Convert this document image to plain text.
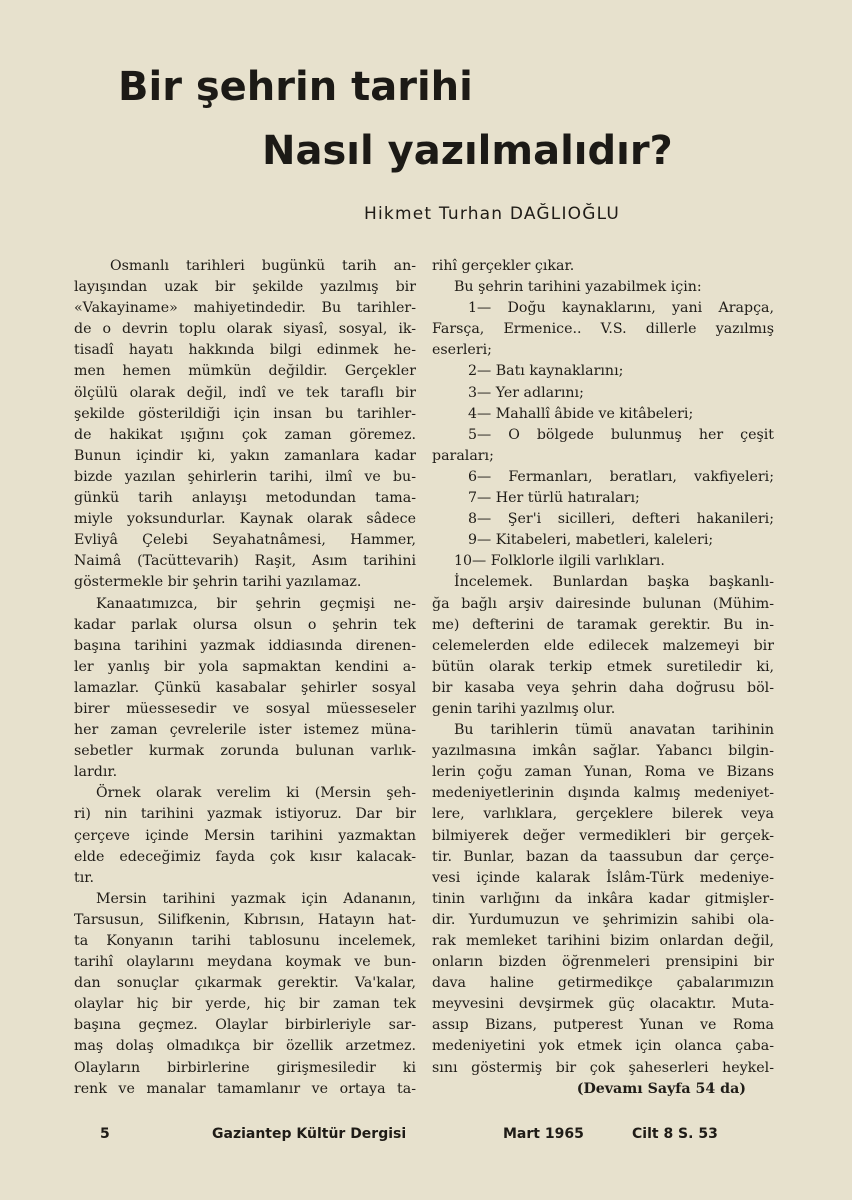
Bir şehrin tarihi
Nasıl yazılmalıdır?
Hikmet Turhan DAĞLIOĞLU

Osmanlı tarihleri bugünkü tarih an-

layışından uzak bir şekilde yazılmış bir

«Vakayiname» mahiyetindedir. Bu tarihler-

de o devrin toplu olarak siyasî, sosyal, ik-

tisadî hayatı hakkında bilgi edinmek he-

men hemen mümkün değildir. Gerçekler

ölçülü olarak değil, indî ve tek taraflı bir

şekilde gösterildiği için insan bu tarihler-

de hakikat ışığını çok zaman göremez.

Bunun içindir ki, yakın zamanlara kadar

bizde yazılan şehirlerin tarihi, ilmî ve bu-

günkü tarih anlayışı metodundan tama-

miyle yoksundurlar. Kaynak olarak sâdece

Evliyâ Çelebi Seyahatnâmesi, Hammer,

Naimâ (Tacüttevarih) Raşit, Asım tarihini

göstermekle bir şehrin tarihi yazılamaz.

Kanaatımızca, bir şehrin geçmişi ne-

kadar parlak olursa olsun o şehrin tek

başına tarihini yazmak iddiasında direnen-

ler yanlış bir yola sapmaktan kendini a-

lamazlar. Çünkü kasabalar şehirler sosyal

birer müessesedir ve sosyal müesseseler

her zaman çevrelerile ister istemez müna-

sebetler kurmak zorunda bulunan varlık-

lardır.

Örnek olarak verelim ki (Mersin şeh-

ri) nin tarihini yazmak istiyoruz. Dar bir

çerçeve içinde Mersin tarihini yazmaktan

elde edeceğimiz fayda çok kısır kalacak-

tır.

Mersin tarihini yazmak için Adananın,

Tarsusun, Silifkenin, Kıbrısın, Hatayın hat-

ta Konyanın tarihi tablosunu incelemek,

tarihî olaylarını meydana koymak ve bun-

dan sonuçlar çıkarmak gerektir. Va'kalar,

olaylar hiç bir yerde, hiç bir zaman tek

başına geçmez. Olaylar birbirleriyle sar-

maş dolaş olmadıkça bir özellik arzetmez.

Olayların birbirlerine girişmesiledir ki

renk ve manalar tamamlanır ve ortaya ta-

rihî gerçekler çıkar.

Bu şehrin tarihini yazabilmek için:

1— Doğu kaynaklarını, yani Arapça,

Farsça, Ermenice.. V.S. dillerle yazılmış

eserleri;

2— Batı kaynaklarını;

3— Yer adlarını;

4— Mahallî âbide ve kitâbeleri;

5— O bölgede bulunmuş her çeşit

paraları;

6— Fermanları, beratları, vakfiyeleri;

7— Her türlü hatıraları;

8— Şer'i sicilleri, defteri hakanileri;

9— Kitabeleri, mabetleri, kaleleri;

10— Folklorle ilgili varlıkları.

İncelemek. Bunlardan başka başkanlı-

ğa bağlı arşiv dairesinde bulunan (Mühim-

me) defterini de taramak gerektir. Bu in-

celemelerden elde edilecek malzemeyi bir

bütün olarak terkip etmek suretiledir ki,

bir kasaba veya şehrin daha doğrusu böl-

genin tarihi yazılmış olur.

Bu tarihlerin tümü anavatan tarihinin

yazılmasına imkân sağlar. Yabancı bilgin-

lerin çoğu zaman Yunan, Roma ve Bizans

medeniyetlerinin dışında kalmış medeniyet-

lere, varlıklara, gerçeklere bilerek veya

bilmiyerek değer vermedikleri bir gerçek-

tir. Bunlar, bazan da taassubun dar çerçe-

vesi içinde kalarak İslâm-Türk medeniye-

tinin varlığını da inkâra kadar gitmişler-

dir. Yurdumuzun ve şehrimizin sahibi ola-

rak memleket tarihini bizim onlardan değil,

onların bizden öğrenmeleri prensipini bir

dava haline getirmedikçe çabalarımızın

meyvesini devşirmek güç olacaktır. Muta-

assıp Bizans, putperest Yunan ve Roma

medeniyetini yok etmek için olanca çaba-

sını göstermiş bir çok şaheserleri heykel-

(Devamı Sayfa 54 da)

5	Gaziantep Kültür Dergisi	Mart 1965	Cilt 8 S. 53
